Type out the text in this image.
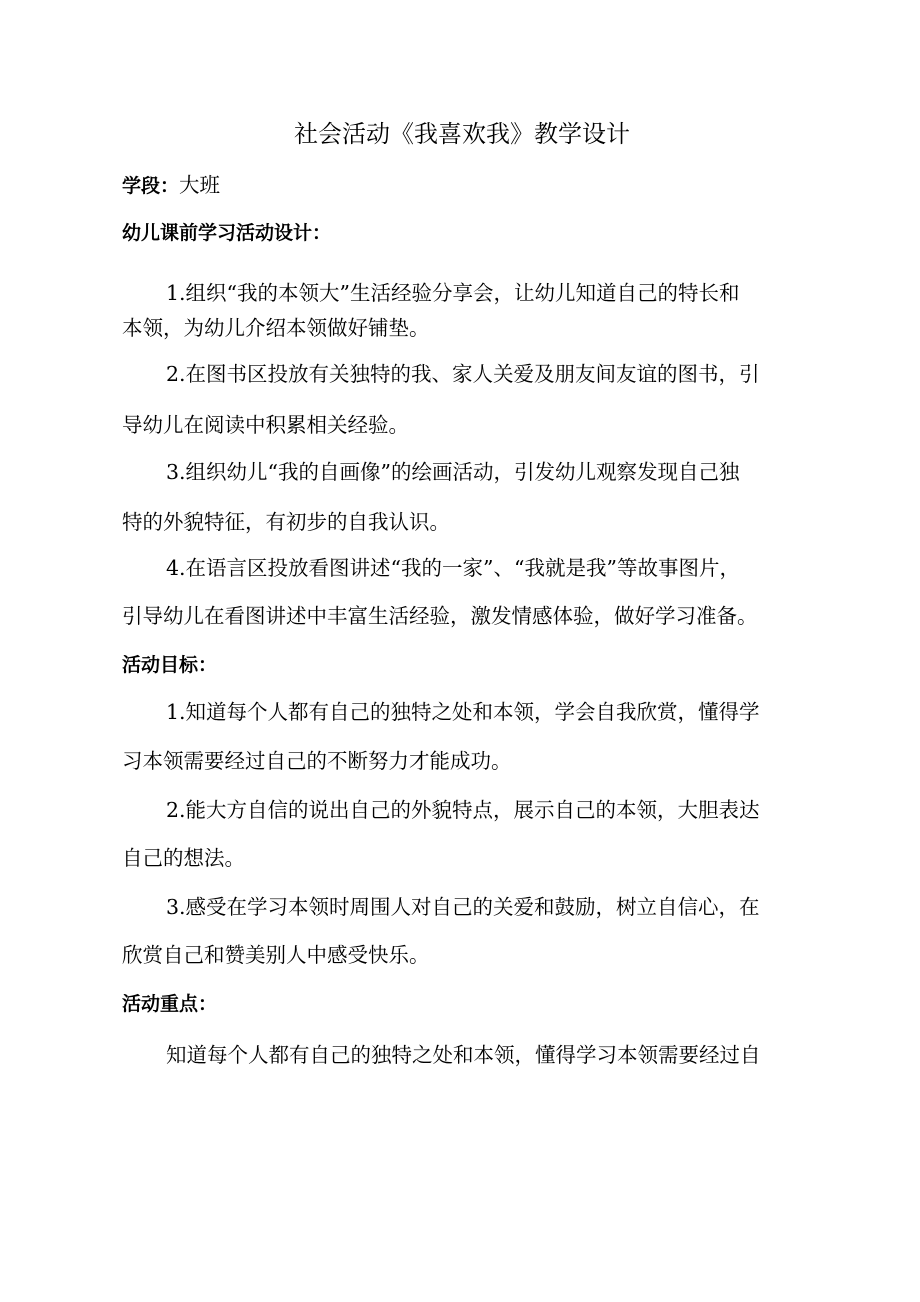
社会活动《我喜欢我》教学设计
学段：大班
幼儿课前学习活动设计：
1.组织“我的本领大”生活经验分享会，让幼儿知道自己的特长和
本领，为幼儿介绍本领做好铺垫。
2.在图书区投放有关独特的我、家人关爱及朋友间友谊的图书，引
导幼儿在阅读中积累相关经验。
3.组织幼儿“我的自画像”的绘画活动，引发幼儿观察发现自己独
特的外貌特征，有初步的自我认识。
4.在语言区投放看图讲述“我的一家”、“我就是我”等故事图片，
引导幼儿在看图讲述中丰富生活经验，激发情感体验，做好学习准备。
活动目标：
1.知道每个人都有自己的独特之处和本领，学会自我欣赏，懂得学
习本领需要经过自己的不断努力才能成功。
2.能大方自信的说出自己的外貌特点，展示自己的本领，大胆表达
自己的想法。
3.感受在学习本领时周围人对自己的关爱和鼓励，树立自信心，在
欣赏自己和赞美别人中感受快乐。
活动重点：
知道每个人都有自己的独特之处和本领，懂得学习本领需要经过自
